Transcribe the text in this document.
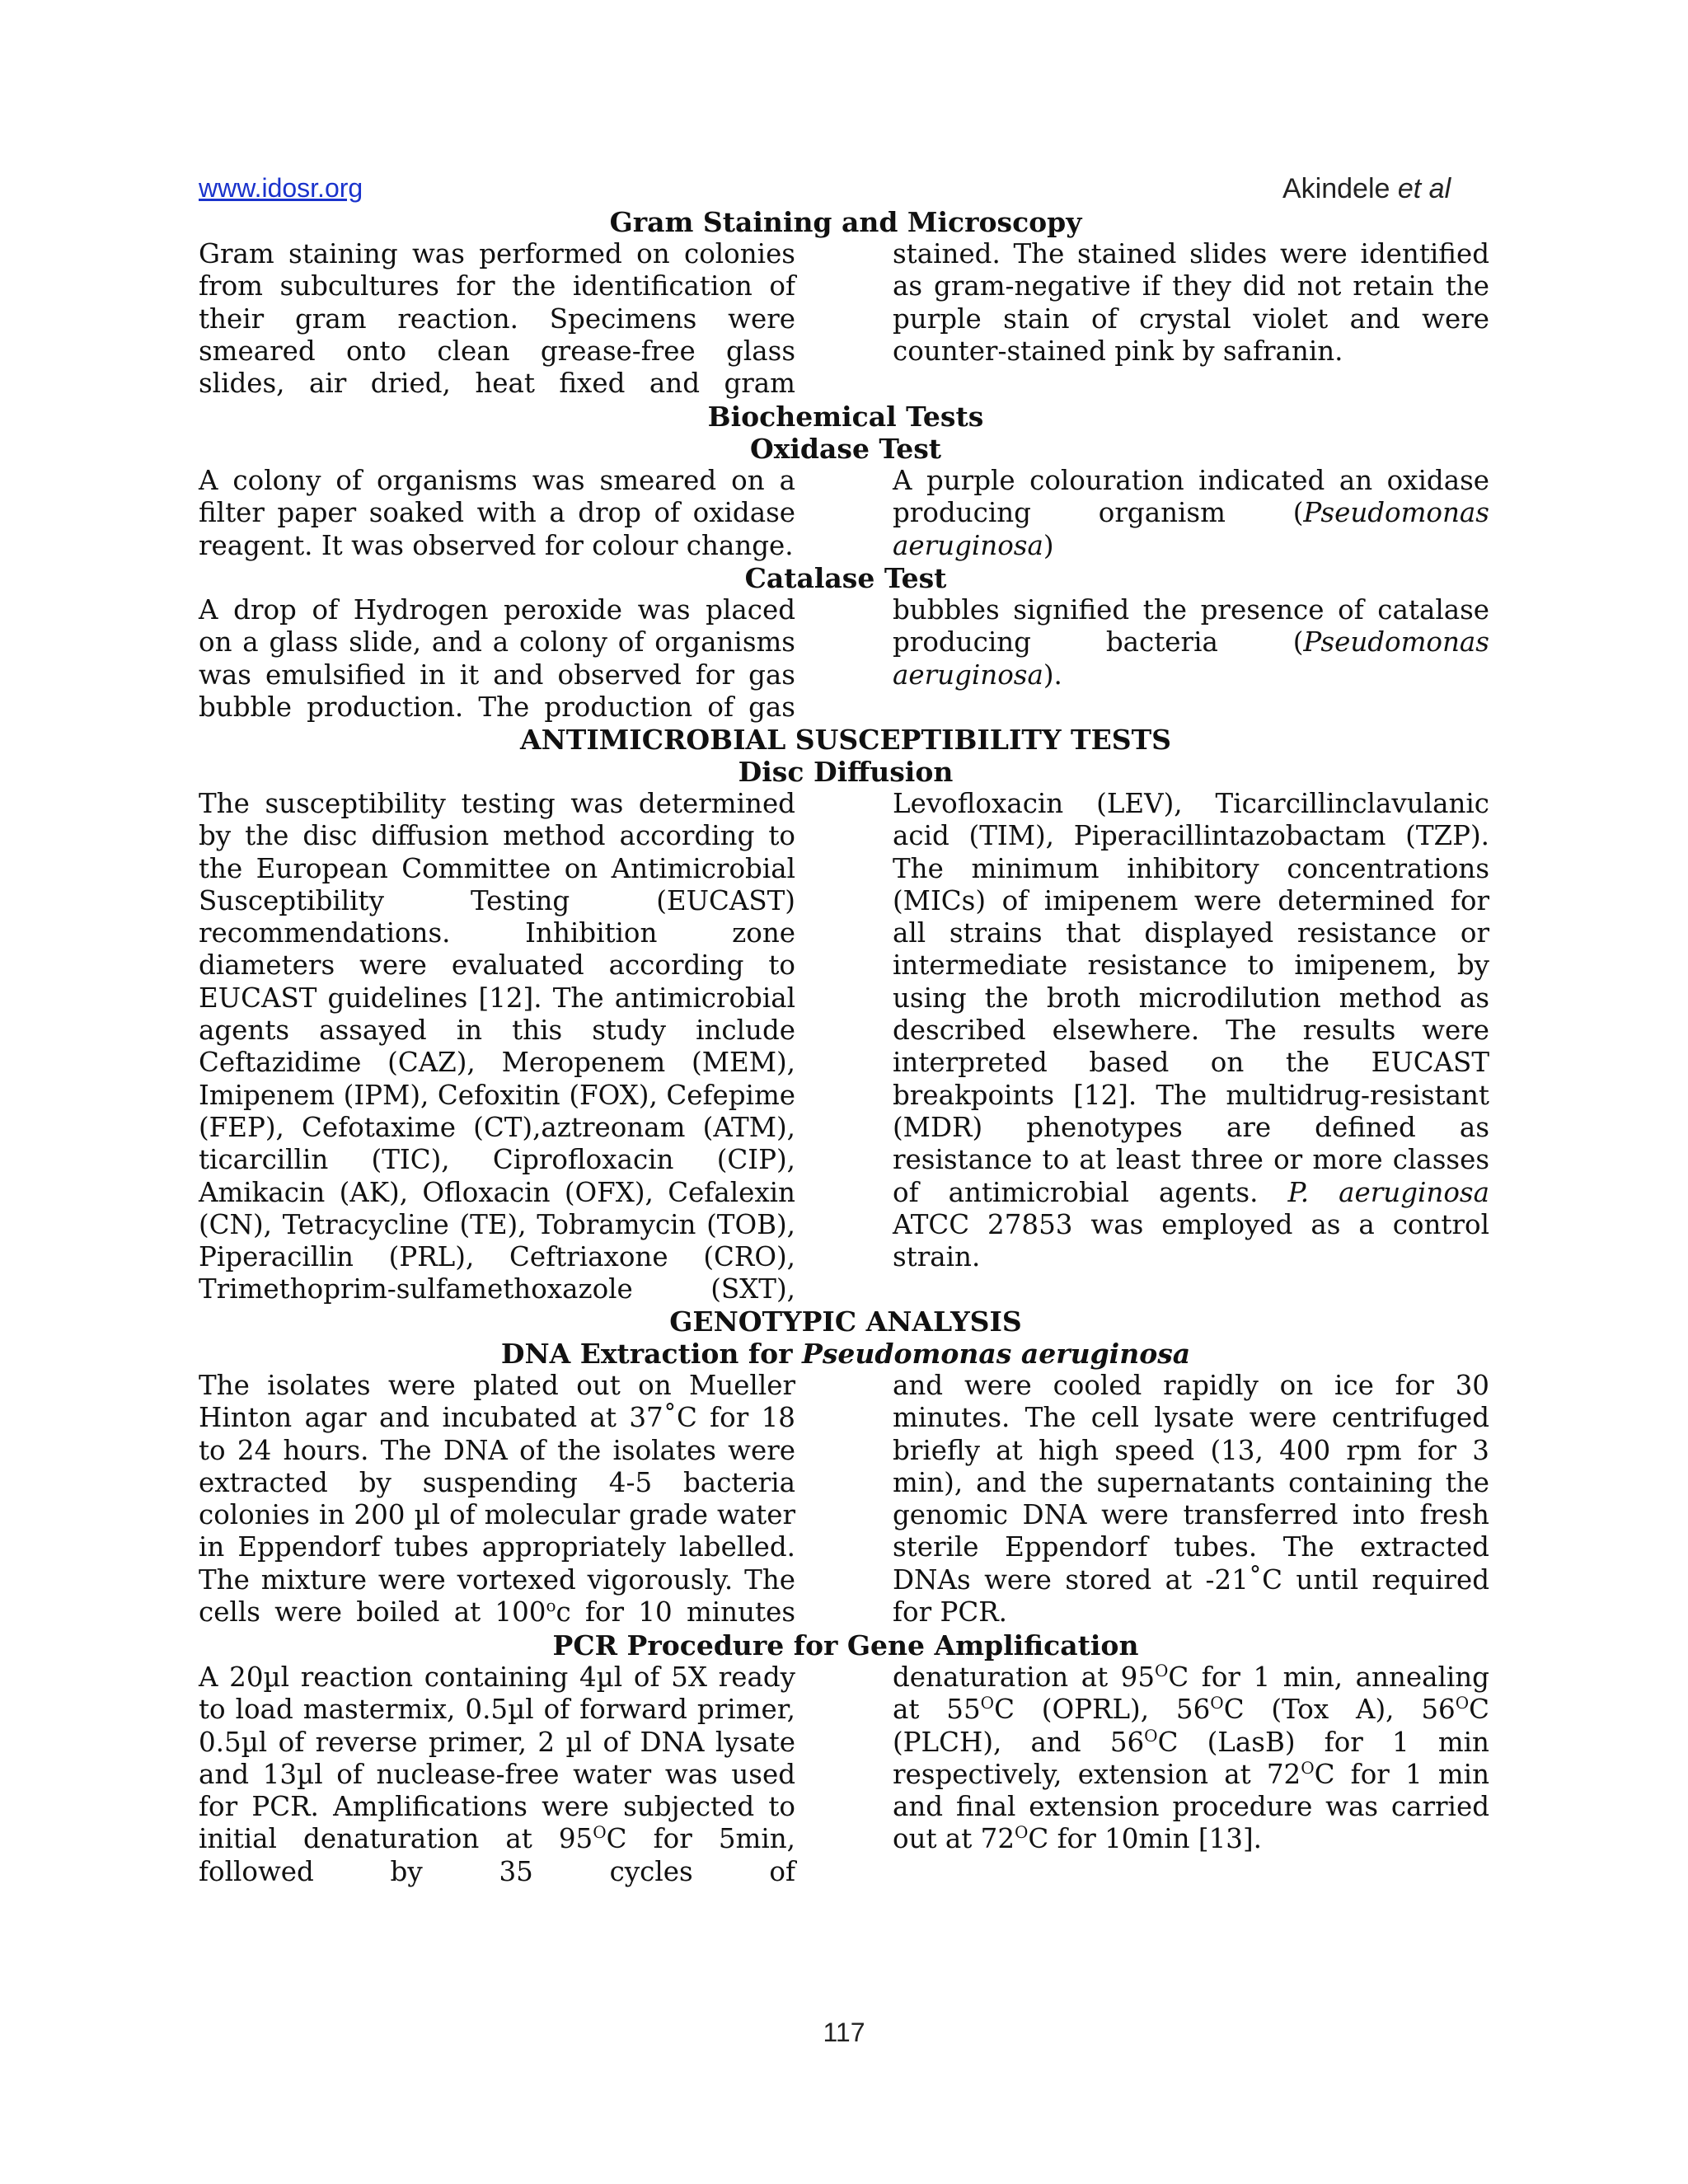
www.idosr.org	Akindele et al
Gram Staining and Microscopy
Gram staining was performed on colonies from subcultures for the identification of their gram reaction. Specimens were smeared onto clean grease-free glass slides, air dried, heat fixed and gram
stained. The stained slides were identified as gram-negative if they did not retain the purple stain of crystal violet and were counter-stained pink by safranin.
Biochemical Tests
Oxidase Test
A colony of organisms was smeared on a filter paper soaked with a drop of oxidase reagent. It was observed for colour change.
A purple colouration indicated an oxidase producing organism (Pseudomonas aeruginosa)
Catalase Test
A drop of Hydrogen peroxide was placed on a glass slide, and a colony of organisms was emulsified in it and observed for gas bubble production. The production of gas
bubbles signified the presence of catalase producing bacteria (Pseudomonas aeruginosa).
ANTIMICROBIAL SUSCEPTIBILITY TESTS
Disc Diffusion
The susceptibility testing was determined by the disc diffusion method according to the European Committee on Antimicrobial Susceptibility Testing (EUCAST) recommendations. Inhibition zone diameters were evaluated according to EUCAST guidelines [12]. The antimicrobial agents assayed in this study include Ceftazidime (CAZ), Meropenem (MEM), Imipenem (IPM), Cefoxitin (FOX), Cefepime (FEP), Cefotaxime (CT),aztreonam (ATM), ticarcillin (TIC), Ciprofloxacin (CIP), Amikacin (AK), Ofloxacin (OFX), Cefalexin (CN), Tetracycline (TE), Tobramycin (TOB), Piperacillin (PRL), Ceftriaxone (CRO), Trimethoprim-sulfamethoxazole (SXT),
Levofloxacin (LEV), Ticarcillinclavulanic acid (TIM), Piperacillintazobactam (TZP). The minimum inhibitory concentrations (MICs) of imipenem were determined for all strains that displayed resistance or intermediate resistance to imipenem, by using the broth microdilution method as described elsewhere. The results were interpreted based on the EUCAST breakpoints [12]. The multidrug-resistant (MDR) phenotypes are defined as resistance to at least three or more classes of antimicrobial agents. P. aeruginosa ATCC 27853 was employed as a control strain.
GENOTYPIC ANALYSIS
DNA Extraction for Pseudomonas aeruginosa
The isolates were plated out on Mueller Hinton agar and incubated at 37˚C for 18 to 24 hours. The DNA of the isolates were extracted by suspending 4-5 bacteria colonies in 200 µl of molecular grade water in Eppendorf tubes appropriately labelled. The mixture were vortexed vigorously. The cells were boiled at 100$^o$c for 10 minutes
and were cooled rapidly on ice for 30 minutes. The cell lysate were centrifuged briefly at high speed (13, 400 rpm for 3 min), and the supernatants containing the genomic DNA were transferred into fresh sterile Eppendorf tubes. The extracted DNAs were stored at -21˚C until required for PCR.
PCR Procedure for Gene Amplification
A 20µl reaction containing 4µl of 5X ready to load mastermix, 0.5µl of forward primer, 0.5µl of reverse primer, 2 µl of DNA lysate and 13µl of nuclease-free water was used for PCR. Amplifications were subjected to initial denaturation at $95^OC$ for 5min, followed by 35 cycles of
denaturation at $95^OC$ for 1 min, annealing at $55^OC$ (OPRL), $56^OC$ (Tox A), $56^OC$ (PLCH), and $56^OC$ (LasB) for 1 min respectively, extension at $72^OC$ for 1 min and final extension procedure was carried out at $72^OC$ for 10min [13].
117
